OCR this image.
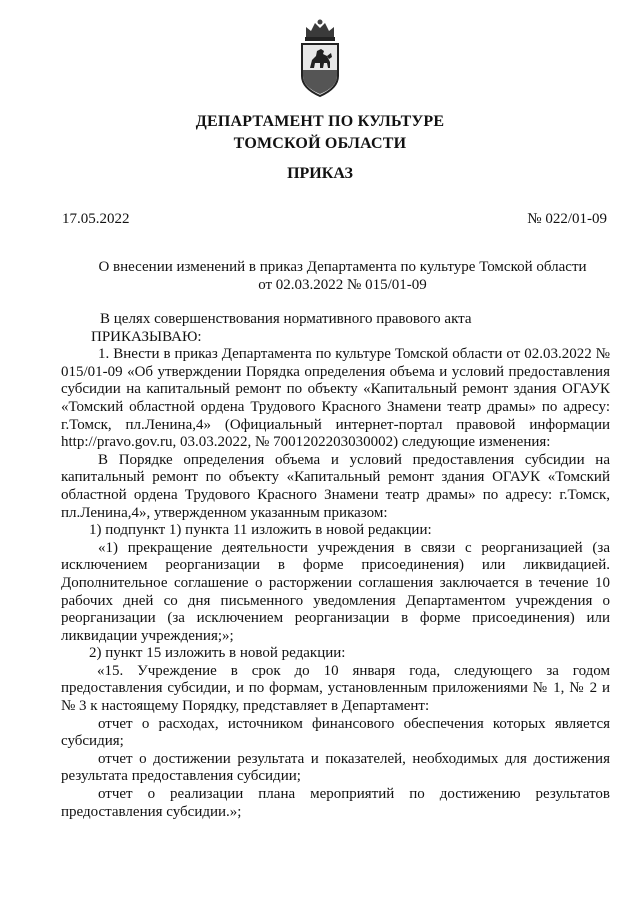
ДЕПАРТАМЕНТ ПО КУЛЬТУРЕ
ТОМСКОЙ ОБЛАСТИ
ПРИКАЗ
17.05.2022	№ 022/01-09
О внесении изменений в приказ Департамента по культуре Томской области
от 02.03.2022 № 015/01-09

В целях совершенствования нормативного правового акта

ПРИКАЗЫВАЮ:

1. Внести в приказ Департамента по культуре Томской области от 02.03.2022 № 015/01-09 «Об утверждении Порядка определения объема и условий предоставления субсидии на капитальный ремонт по объекту «Капитальный ремонт здания ОГАУК «Томский областной ордена Трудового Красного Знамени театр драмы» по адресу: г.Томск, пл.Ленина,4» (Официальный интернет-портал правовой информации http://pravo.gov.ru, 03.03.2022, № 7001202203030002) следующие изменения:

В Порядке определения объема и условий предоставления субсидии на капитальный ремонт по объекту «Капитальный ремонт здания ОГАУК «Томский областной ордена Трудового Красного Знамени театр драмы» по адресу: г.Томск, пл.Ленина,4», утвержденном указанным приказом:

1) подпункт 1) пункта 11 изложить в новой редакции:

«1) прекращение деятельности учреждения в связи с реорганизацией (за исключением реорганизации в форме присоединения) или ликвидацией. Дополнительное соглашение о расторжении соглашения заключается в течение 10 рабочих дней со дня письменного уведомления Департаментом учреждения о реорганизации (за исключением реорганизации в форме присоединения) или ликвидации учреждения;»;

2) пункт 15 изложить в новой редакции:

«15. Учреждение в срок до 10 января года, следующего за годом предоставления субсидии, и по формам, установленным приложениями № 1, № 2 и № 3 к настоящему Порядку, представляет в Департамент:

отчет о расходах, источником финансового обеспечения которых является субсидия;

отчет о достижении результата и показателей, необходимых для достижения результата предоставления субсидии;

отчет о реализации плана мероприятий по достижению результатов предоставления субсидии.»;
